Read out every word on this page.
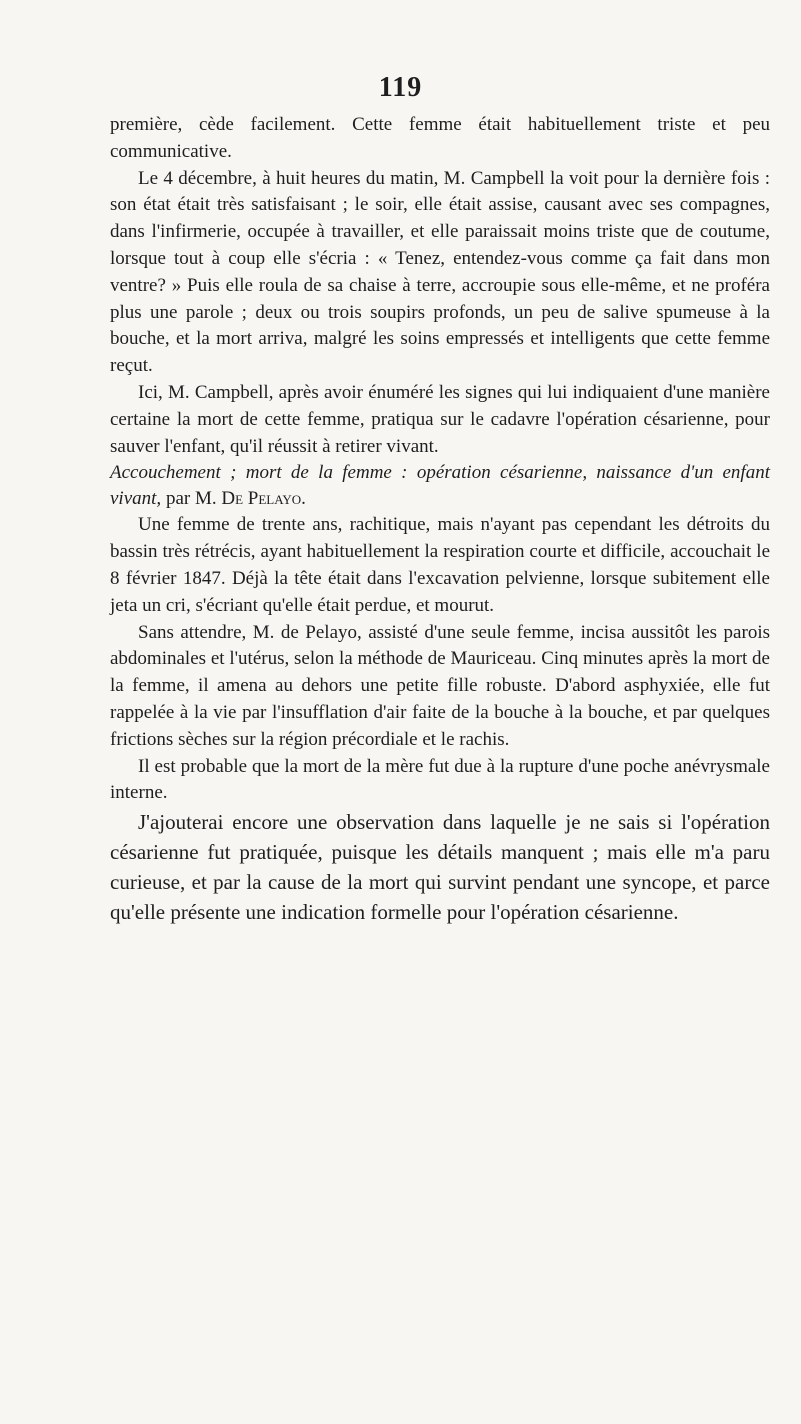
119

première, cède facilement. Cette femme était habituellement triste et peu communicative.

Le 4 décembre, à huit heures du matin, M. Campbell la voit pour la dernière fois : son état était très satisfaisant ; le soir, elle était assise, causant avec ses compagnes, dans l'infirmerie, occupée à travailler, et elle paraissait moins triste que de coutume, lorsque tout à coup elle s'écria : « Tenez, entendez-vous comme ça fait dans mon ventre? » Puis elle roula de sa chaise à terre, accroupie sous elle-même, et ne proféra plus une parole ; deux ou trois soupirs profonds, un peu de salive spumeuse à la bouche, et la mort arriva, malgré les soins empressés et intelligents que cette femme reçut.

Ici, M. Campbell, après avoir énuméré les signes qui lui indiquaient d'une manière certaine la mort de cette femme, pratiqua sur le cadavre l'opération césarienne, pour sauver l'enfant, qu'il réussit à retirer vivant.

Accouchement ; mort de la femme : opération césarienne, naissance d'un enfant vivant, par M. De Pelayo.

Une femme de trente ans, rachitique, mais n'ayant pas cependant les détroits du bassin très rétrécis, ayant habituellement la respiration courte et difficile, accouchait le 8 février 1847. Déjà la tête était dans l'excavation pelvienne, lorsque subitement elle jeta un cri, s'écriant qu'elle était perdue, et mourut.

Sans attendre, M. de Pelayo, assisté d'une seule femme, incisa aussitôt les parois abdominales et l'utérus, selon la méthode de Mauriceau. Cinq minutes après la mort de la femme, il amena au dehors une petite fille robuste. D'abord asphyxiée, elle fut rappelée à la vie par l'insufflation d'air faite de la bouche à la bouche, et par quelques frictions sèches sur la région précordiale et le rachis.

Il est probable que la mort de la mère fut due à la rupture d'une poche anévrysmale interne.

J'ajouterai encore une observation dans laquelle je ne sais si l'opération césarienne fut pratiquée, puisque les détails manquent ; mais elle m'a paru curieuse, et par la cause de la mort qui survint pendant une syncope, et parce qu'elle présente une indication formelle pour l'opération césarienne.
